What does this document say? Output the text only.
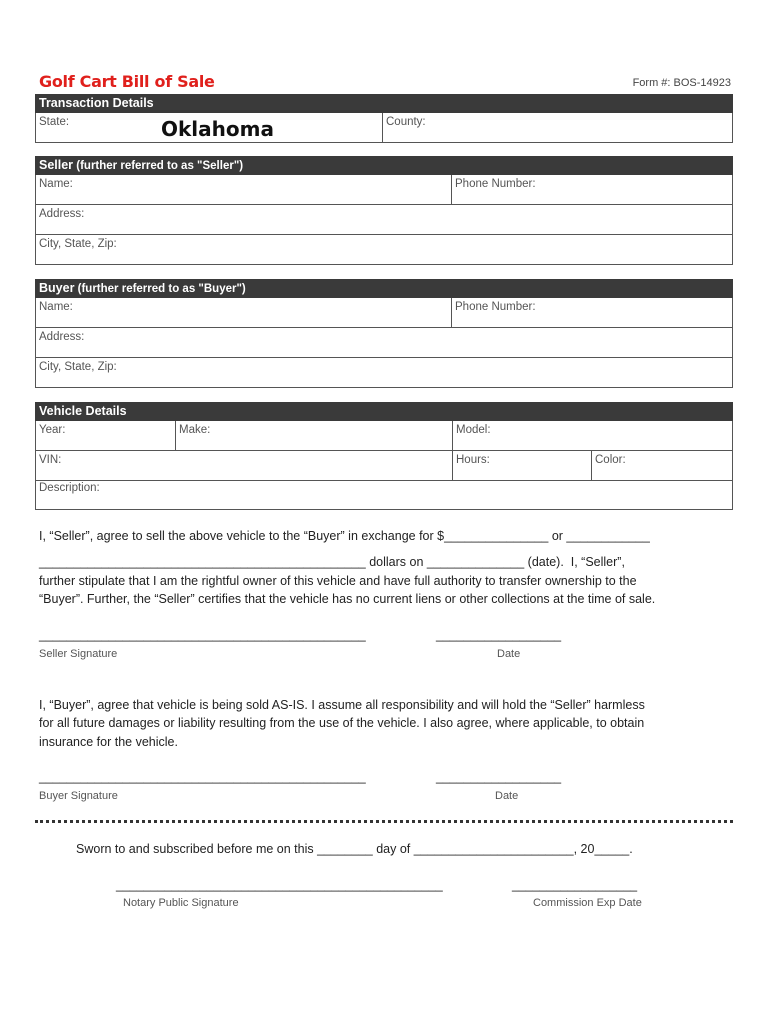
Golf Cart Bill of Sale	Form #: BOS-14923
Transaction Details
State:	Oklahoma	County:
Seller (further referred to as "Seller")
Name:	Phone Number:
Address:
City, State, Zip:
Buyer (further referred to as "Buyer")
Name:	Phone Number:
Address:
City, State, Zip:
Vehicle Details
Year:	Make:	Model:
VIN:	Hours:	Color:
Description:
I, “Seller”, agree to sell the above vehicle to the “Buyer” in exchange for $_______________ or ____________
_______________________________________________ dollars on ______________ (date).  I, “Seller”,
further stipulate that I am the rightful owner of this vehicle and have full authority to transfer ownership to the
“Buyer”. Further, the “Seller” certifies that the vehicle has no current liens or other collections at the time of sale.
_______________________________________________	__________________
Seller Signature	Date
I, “Buyer”, agree that vehicle is being sold AS-IS. I assume all responsibility and will hold the “Seller” harmless
for all future damages or liability resulting from the use of the vehicle. I also agree, where applicable, to obtain
insurance for the vehicle.
_______________________________________________	__________________
Buyer Signature	Date
Sworn to and subscribed before me on this ________ day of _______________________, 20_____.
_______________________________________________	__________________
Notary Public Signature	Commission Exp Date
